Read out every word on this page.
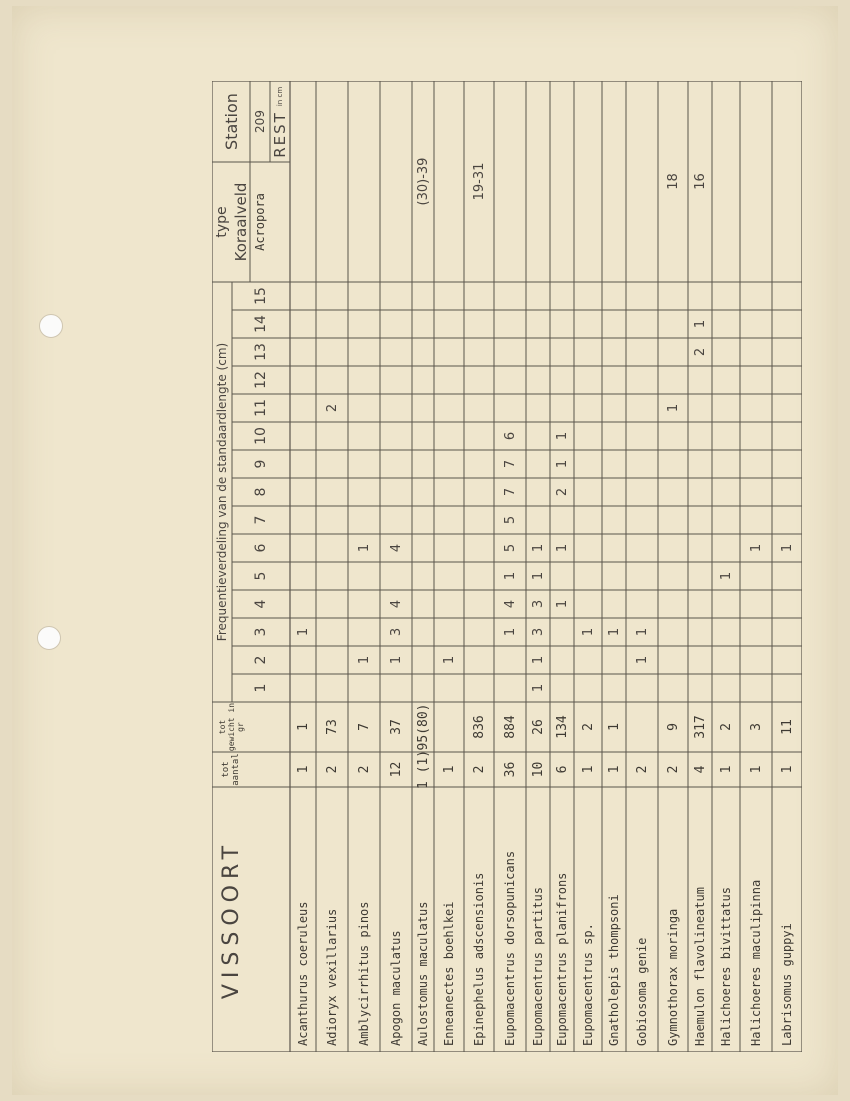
VISSOORT
tot aantal
tot gewicht in gr
Frequentieverdeling van de standaardlengte (cm)
type Koraalveld
Station
Acropora
209 REST
in cm
1
2
3
4
5
6
7
8
9
10
11
12
13
14
15
Acanthurus coeruleus
1
1
1
Adioryx vexillarius
2
73
2
Amblycirrhitus pinos
2
7
1
1
Apogon maculatus
12
37
1
3
4
4
Aulostomus maculatus
1 (1)
95(80)
(30)-39
Enneanectes boehlkei
1
1
Epinephelus adscensionis
2
836
19-31
Eupomacentrus dorsopunicans
36
884
1
4
1
5
5
7
7
6
Eupomacentrus partitus
10
26
1
1
3
3
1
1
Eupomacentrus planifrons
6
134
1
1
2
1
1
Eupomacentrus sp.
1
2
1
Gnatholepis thompsoni
1
1
1
Gobiosoma genie
2
1
1
Gymnothorax moringa
2
9
1
18
Haemulon flavolineatum
4
317
2
1
16
Halichoeres bivittatus
1
2
1
Halichoeres maculipinna
1
3
1
Labrisomus guppyi
1
11
1
